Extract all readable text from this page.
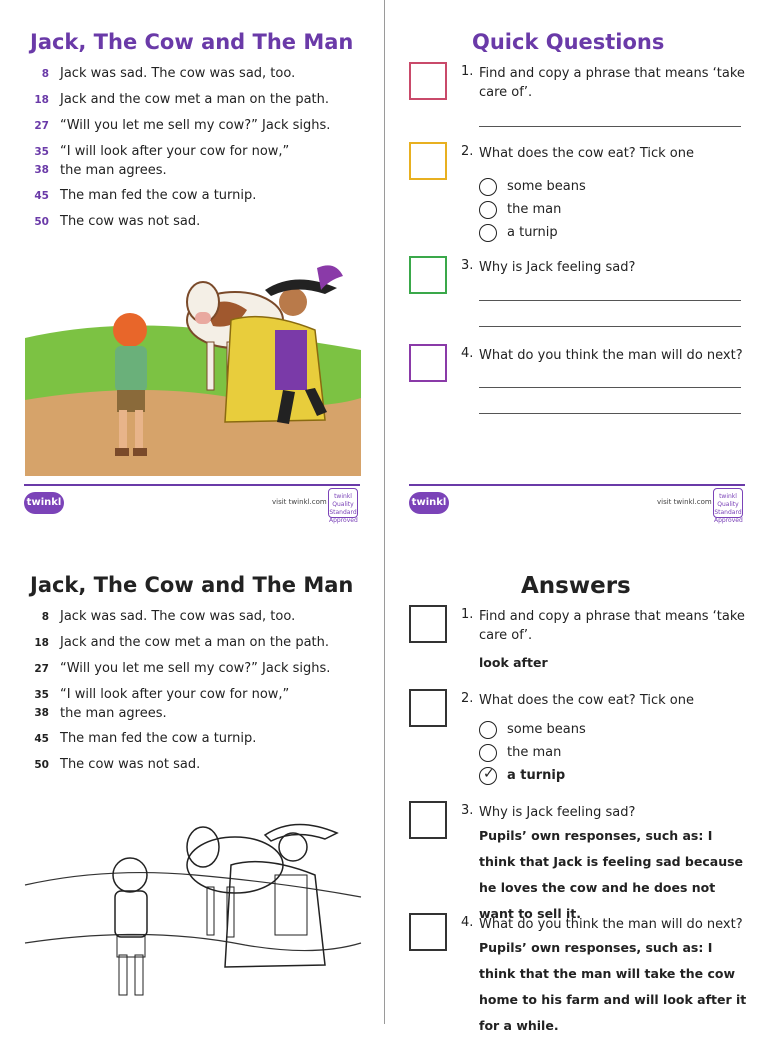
Jack, The Cow and The Man
8 Jack was sad. The cow was sad, too.
18 Jack and the cow met a man on the path.
27 “Will you let me sell my cow?” Jack sighs.
35 “I will look after your cow for now,”
38 the man agrees.
45 The man fed the cow a turnip.
50 The cow was not sad.
twinkl	visit twinkl.com
twinkl Quality Standard Approved
Quick Questions
1. Find and copy a phrase that means ‘take care of’.
2. What does the cow eat? Tick one
some beans
the man
a turnip
3. Why is Jack feeling sad?
4. What do you think the man will do next?
twinkl	visit twinkl.com
twinkl Quality Standard Approved
Jack, The Cow and The Man
8 Jack was sad. The cow was sad, too.
18 Jack and the cow met a man on the path.
27 “Will you let me sell my cow?” Jack sighs.
35 “I will look after your cow for now,”
38 the man agrees.
45 The man fed the cow a turnip.
50 The cow was not sad.
Answers
1. Find and copy a phrase that means ‘take care of’.
look after
2. What does the cow eat? Tick one
some beans
the man
✓ a turnip
3. Why is Jack feeling sad?
Pupils’ own responses, such as: I think that Jack is feeling sad because he loves the cow and he does not want to sell it.
4. What do you think the man will do next?
Pupils’ own responses, such as: I think that the man will take the cow home to his farm and will look after it for a while.
